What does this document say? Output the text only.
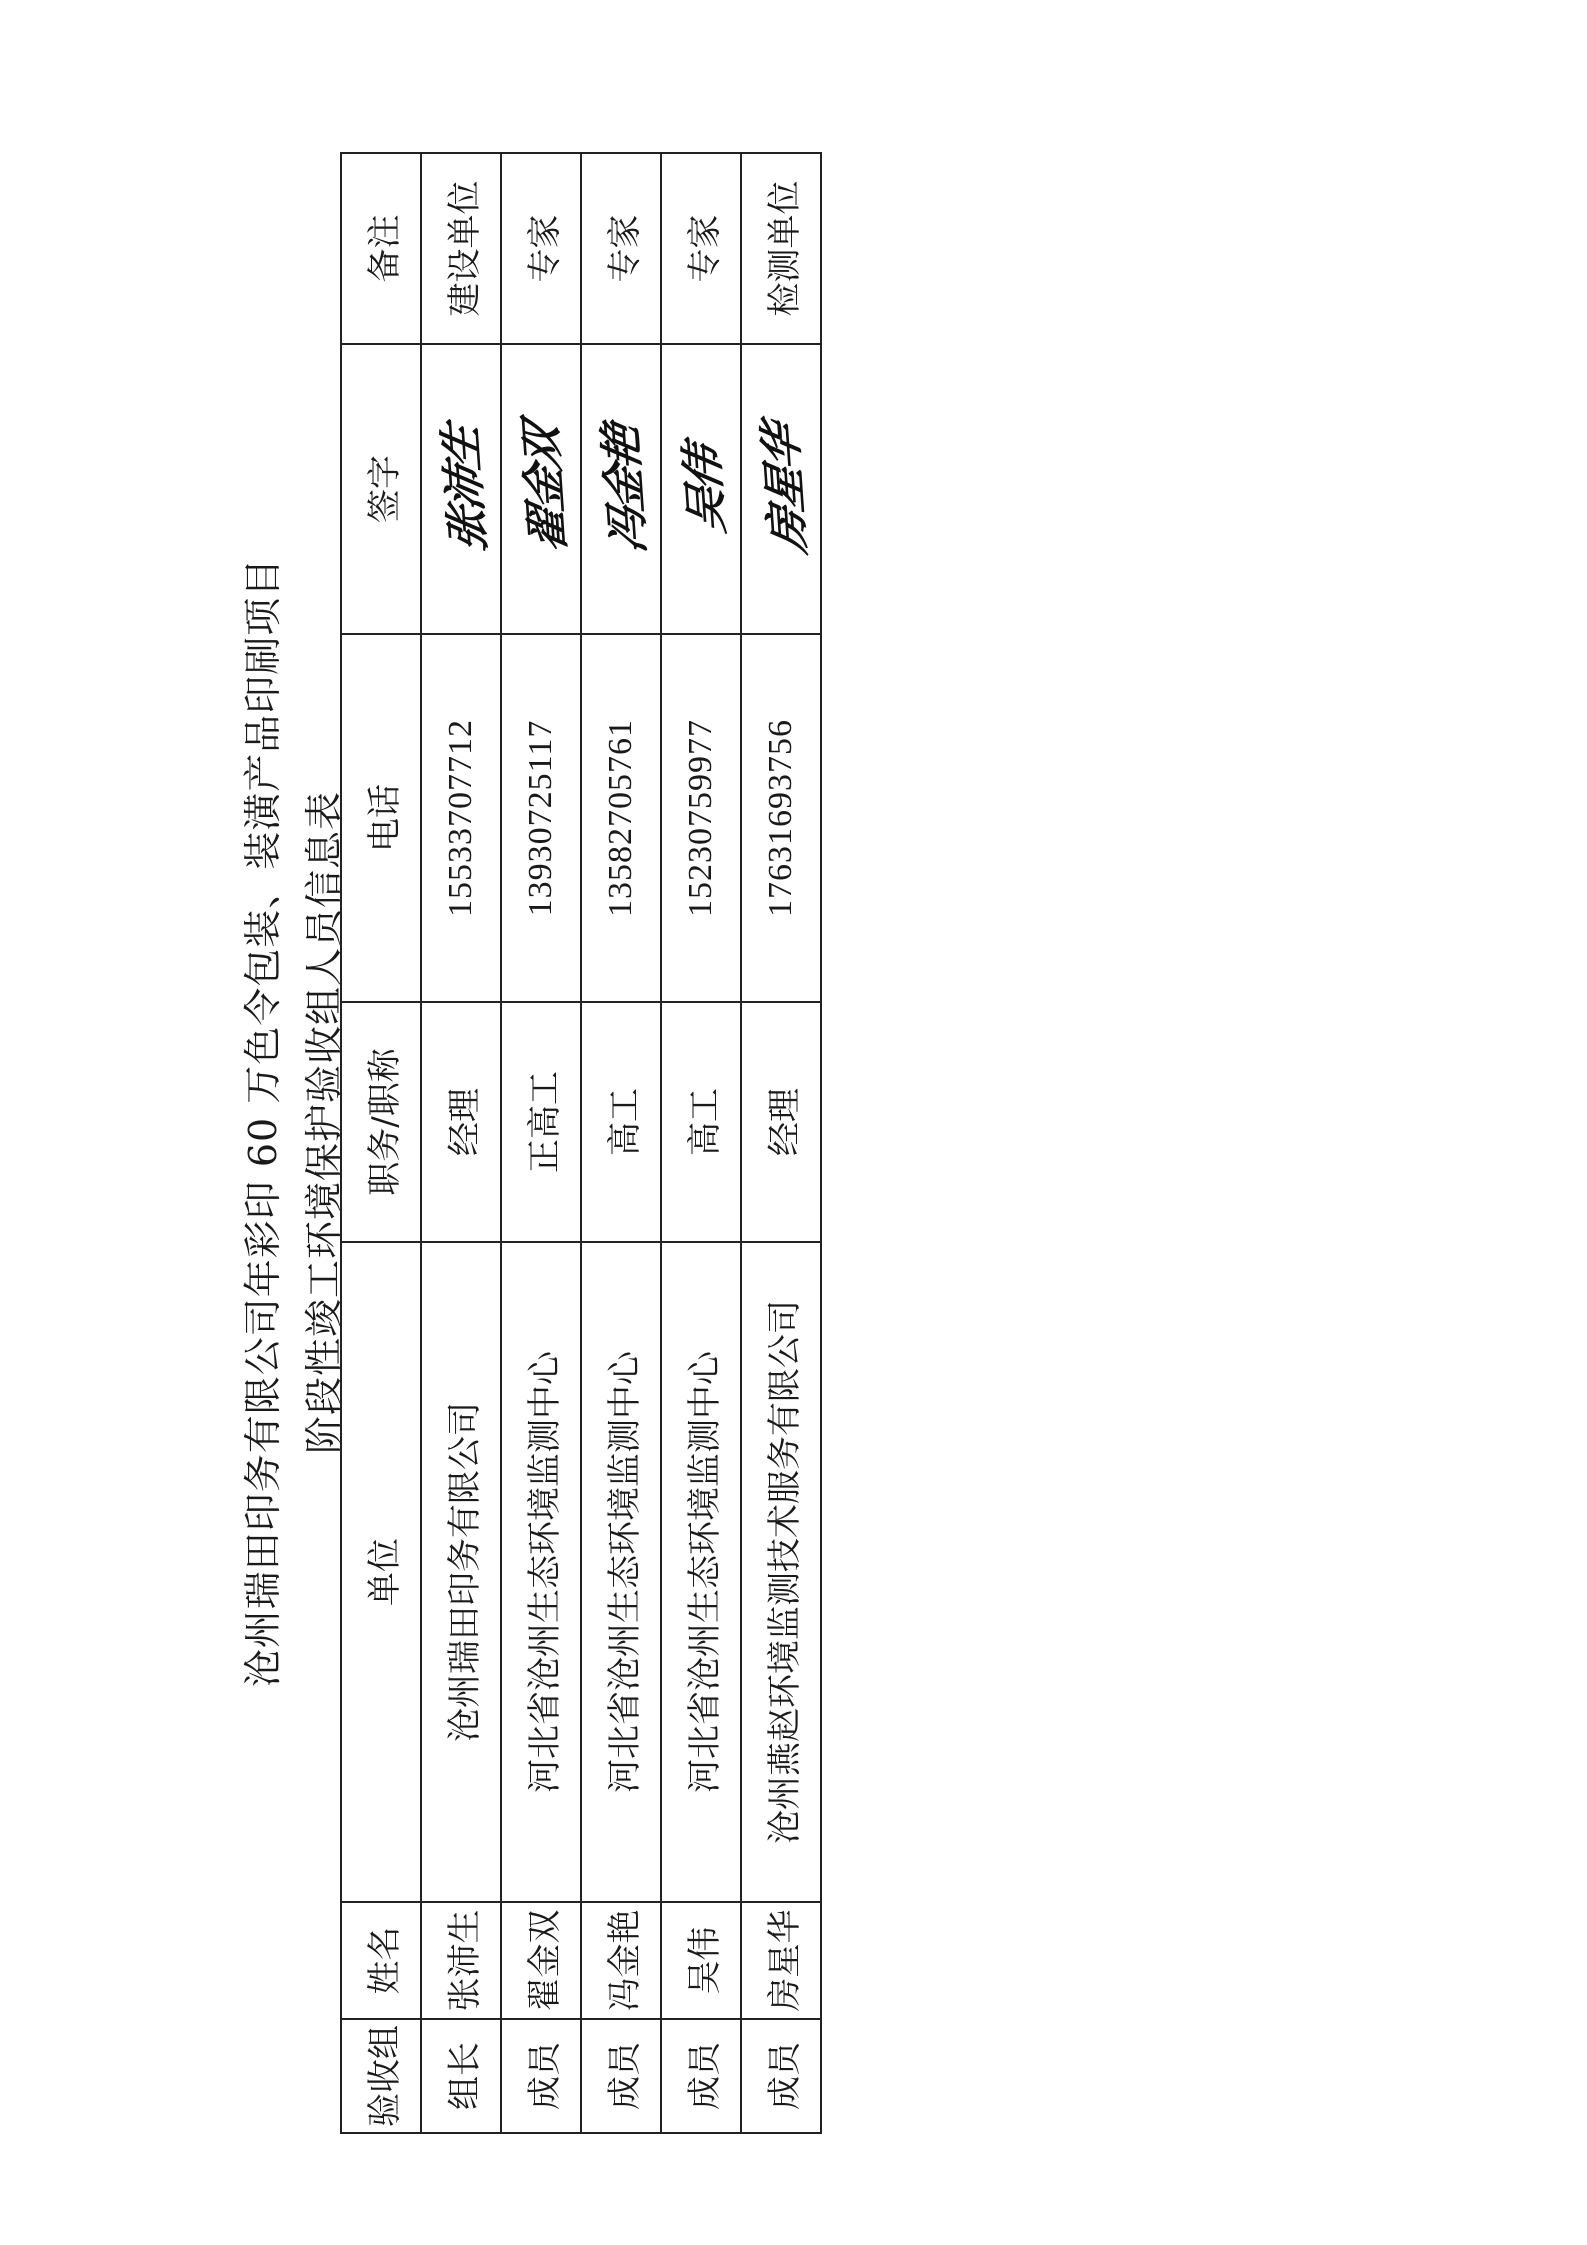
沧州瑞田印务有限公司年彩印 60 万色令包装、装潢产品印刷项目 阶段性竣工环境保护验收组人员信息表
验收组	姓名	单位	职务/职称	电话	签字	备注
组长	张沛生	沧州瑞田印务有限公司	经理	15533707712	张沛生	建设单位
成员	翟金双	河北省沧州生态环境监测中心	正高工	13930725117	翟金双	专家
成员	冯金艳	河北省沧州生态环境监测中心	高工	13582705761	冯金艳	专家
成员	吴伟	河北省沧州生态环境监测中心	高工	15230759977	吴伟	专家
成员	房星华	沧州燕赵环境监测技术服务有限公司	经理	17631693756	房星华	检测单位
